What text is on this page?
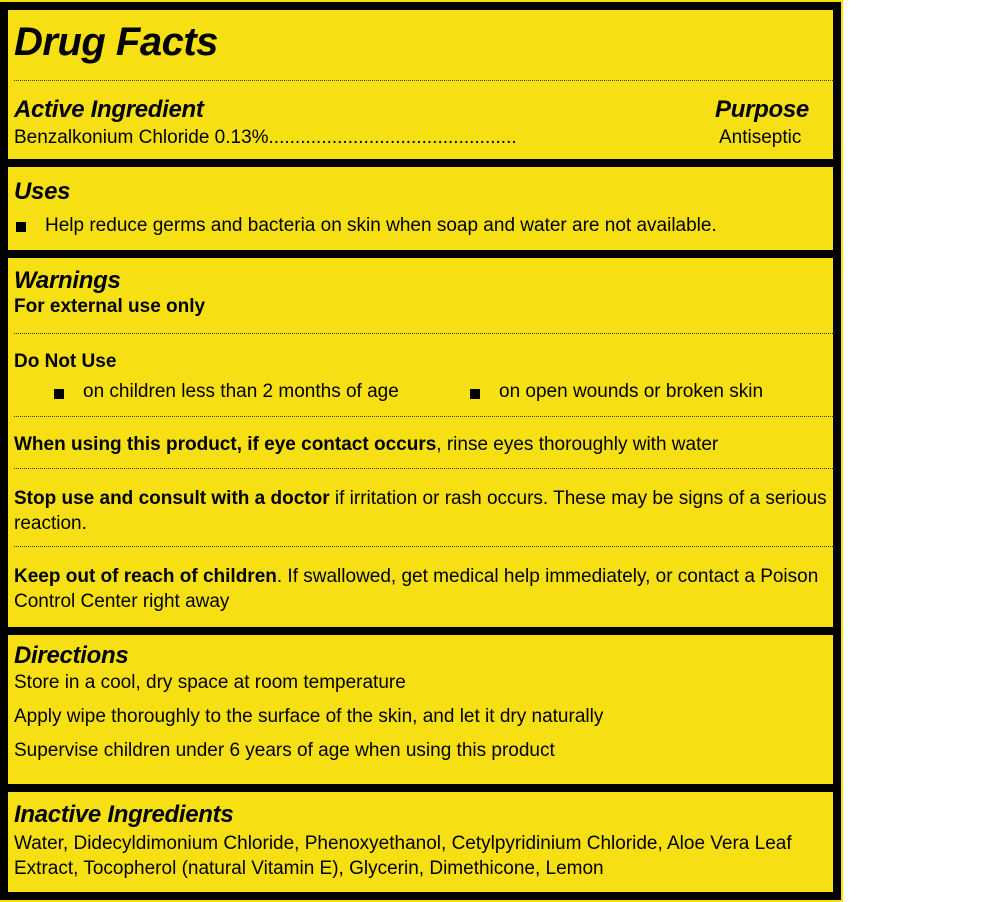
Drug Facts
Active Ingredient	Purpose
Benzalkonium Chloride 0.13%...............................................	Antiseptic
Uses
Help reduce germs and bacteria on skin when soap and water are not available.
Warnings
For external use only
Do Not Use
on children less than 2 months of age	on open wounds or broken skin
When using this product, if eye contact occurs, rinse eyes thoroughly with water
Stop use and consult with a doctor if irritation or rash occurs. These may be signs of a serious reaction.
Keep out of reach of children. If swallowed, get medical help immediately, or contact a Poison Control Center right away
Directions
Store in a cool, dry space at room temperature
Apply wipe thoroughly to the surface of the skin, and let it dry naturally
Supervise children under 6 years of age when using this product
Inactive Ingredients
Water, Didecyldimonium Chloride, Phenoxyethanol, Cetylpyridinium Chloride, Aloe Vera Leaf Extract, Tocopherol (natural Vitamin E), Glycerin, Dimethicone, Lemon
